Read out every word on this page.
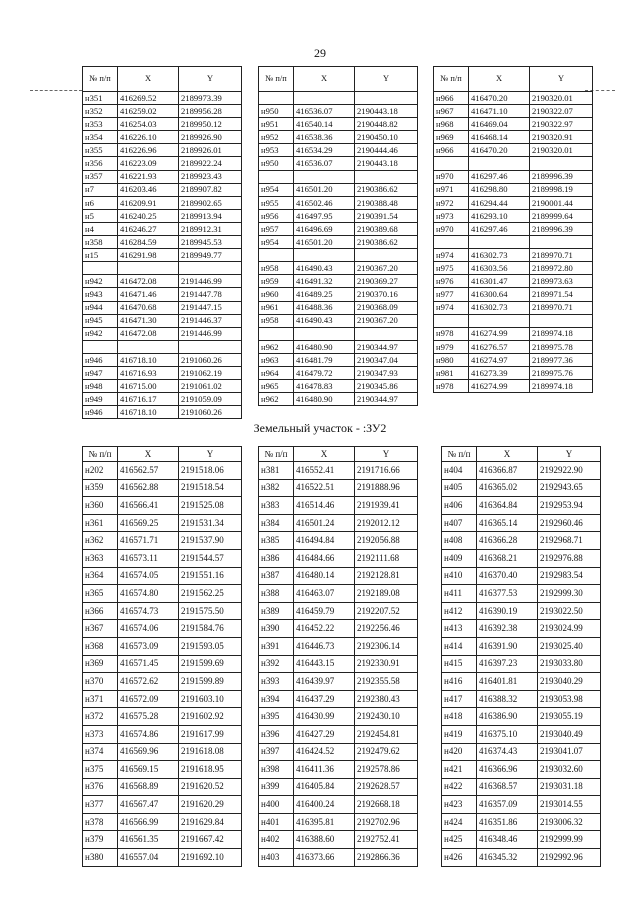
29
№ п/п	X	Y
н351	416269.52	2189973.39
н352	416259.02	2189956.28
н353	416254.03	2189950.12
н354	416226.10	2189926.90
н355	416226.96	2189926.01
н356	416223.09	2189922.24
н357	416221.93	2189923.43
н7	416203.46	2189907.82
н6	416209.91	2189902.65
н5	416240.25	2189913.94
н4	416246.27	2189912.31
н358	416284.59	2189945.53
н15	416291.98	2189949.77

н942	416472.08	2191446.99
н943	416471.46	2191447.78
н944	416470.68	2191447.15
н945	416471.30	2191446.37
н942	416472.08	2191446.99

н946	416718.10	2191060.26
н947	416716.93	2191062.19
н948	416715.00	2191061.02
н949	416716.17	2191059.09
н946	416718.10	2191060.26
№ п/п	X	Y

н950	416536.07	2190443.18
н951	416540.14	2190448.82
н952	416538.36	2190450.10
н953	416534.29	2190444.46
н950	416536.07	2190443.18

н954	416501.20	2190386.62
н955	416502.46	2190388.48
н956	416497.95	2190391.54
н957	416496.69	2190389.68
н954	416501.20	2190386.62

н958	416490.43	2190367.20
н959	416491.32	2190369.27
н960	416489.25	2190370.16
н961	416488.36	2190368.09
н958	416490.43	2190367.20

н962	416480.90	2190344.97
н963	416481.79	2190347.04
н964	416479.72	2190347.93
н965	416478.83	2190345.86
н962	416480.90	2190344.97
№ п/п	X	Y
н966	416470.20	2190320.01
н967	416471.10	2190322.07
н968	416469.04	2190322.97
н969	416468.14	2190320.91
н966	416470.20	2190320.01

н970	416297.46	2189996.39
н971	416298.80	2189998.19
н972	416294.44	2190001.44
н973	416293.10	2189999.64
н970	416297.46	2189996.39

н974	416302.73	2189970.71
н975	416303.56	2189972.80
н976	416301.47	2189973.63
н977	416300.64	2189971.54
н974	416302.73	2189970.71

н978	416274.99	2189974.18
н979	416276.57	2189975.78
н980	416274.97	2189977.36
н981	416273.39	2189975.76
н978	416274.99	2189974.18
Земельный участок - :ЗУ2
№ п/п	X	Y
н202	416562.57	2191518.06
н359	416562.88	2191518.54
н360	416566.41	2191525.08
н361	416569.25	2191531.34
н362	416571.71	2191537.90
н363	416573.11	2191544.57
н364	416574.05	2191551.16
н365	416574.80	2191562.25
н366	416574.73	2191575.50
н367	416574.06	2191584.76
н368	416573.09	2191593.05
н369	416571.45	2191599.69
н370	416572.62	2191599.89
н371	416572.09	2191603.10
н372	416575.28	2191602.92
н373	416574.86	2191617.99
н374	416569.96	2191618.08
н375	416569.15	2191618.95
н376	416568.89	2191620.52
н377	416567.47	2191620.29
н378	416566.99	2191629.84
н379	416561.35	2191667.42
н380	416557.04	2191692.10
№ п/п	X	Y
н381	416552.41	2191716.66
н382	416522.51	2191888.96
н383	416514.46	2191939.41
н384	416501.24	2192012.12
н385	416494.84	2192056.88
н386	416484.66	2192111.68
н387	416480.14	2192128.81
н388	416463.07	2192189.08
н389	416459.79	2192207.52
н390	416452.22	2192256.46
н391	416446.73	2192306.14
н392	416443.15	2192330.91
н393	416439.97	2192355.58
н394	416437.29	2192380.43
н395	416430.99	2192430.10
н396	416427.29	2192454.81
н397	416424.52	2192479.62
н398	416411.36	2192578.86
н399	416405.84	2192628.57
н400	416400.24	2192668.18
н401	416395.81	2192702.96
н402	416388.60	2192752.41
н403	416373.66	2192866.36
№ п/п	X	Y
н404	416366.87	2192922.90
н405	416365.02	2192943.65
н406	416364.84	2192953.94
н407	416365.14	2192960.46
н408	416366.28	2192968.71
н409	416368.21	2192976.88
н410	416370.40	2192983.54
н411	416377.53	2192999.30
н412	416390.19	2193022.50
н413	416392.38	2193024.99
н414	416391.90	2193025.40
н415	416397.23	2193033.80
н416	416401.81	2193040.29
н417	416388.32	2193053.98
н418	416386.90	2193055.19
н419	416375.10	2193040.49
н420	416374.43	2193041.07
н421	416366.96	2193032.60
н422	416368.57	2193031.18
н423	416357.09	2193014.55
н424	416351.86	2193006.32
н425	416348.46	2192999.99
н426	416345.32	2192992.96
